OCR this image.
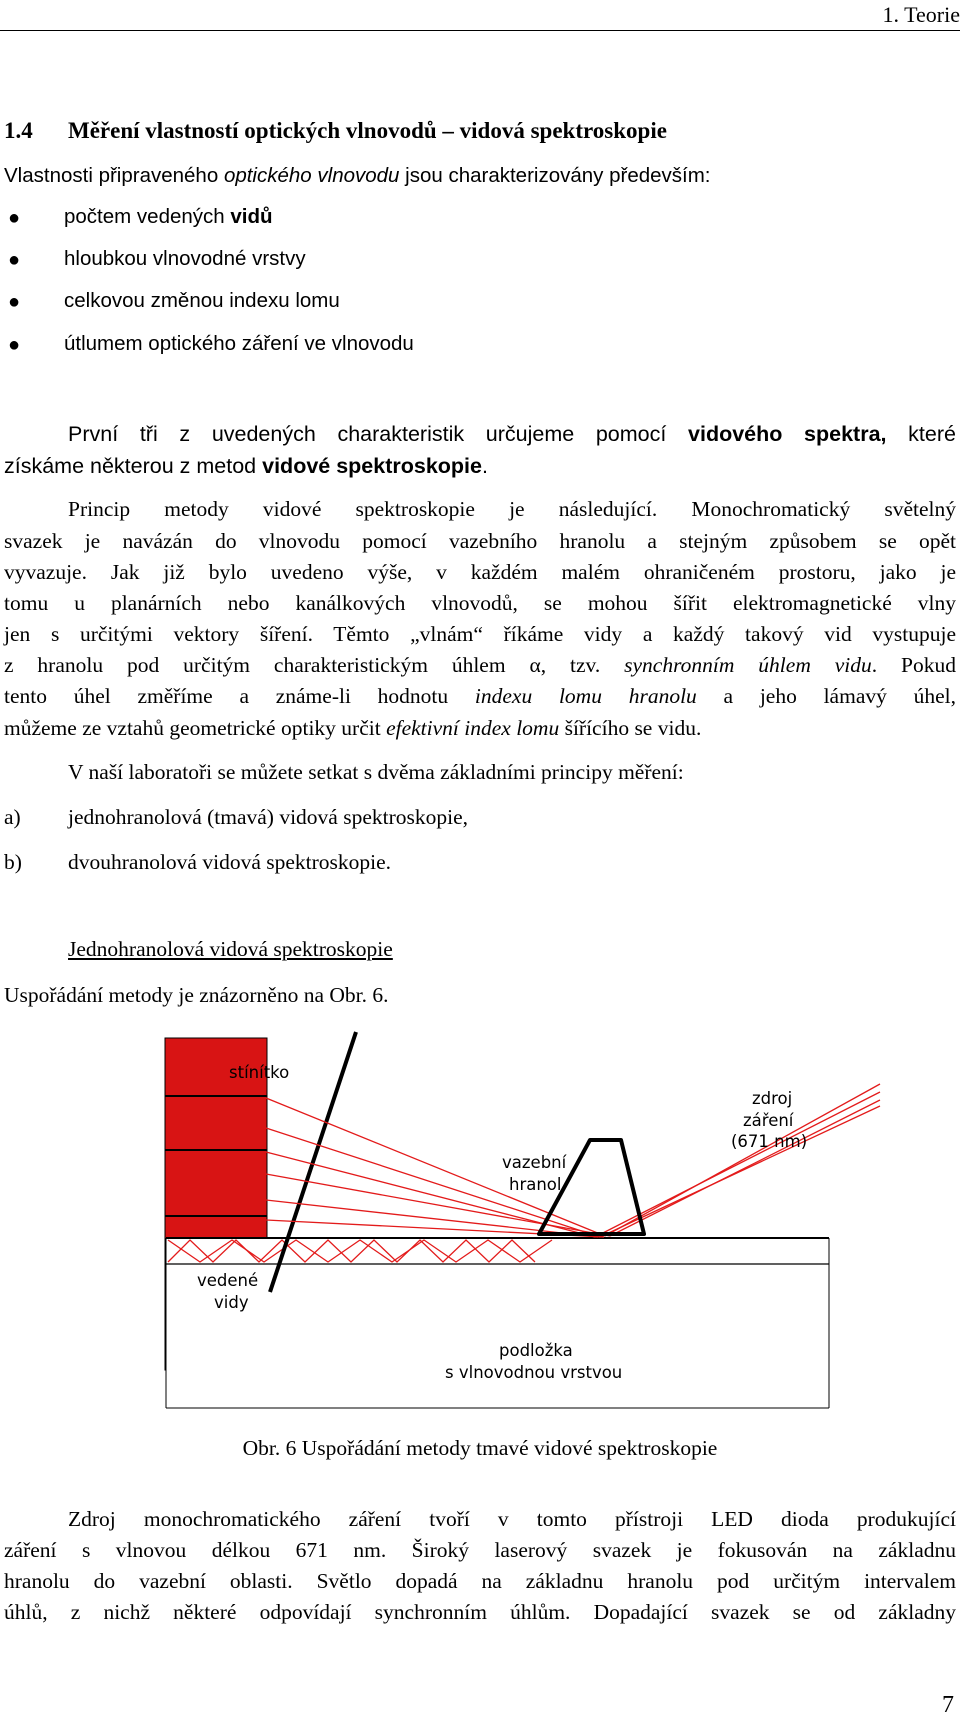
1. Teorie
1.4 Měření vlastností optických vlnovodů – vidová spektroskopie
Vlastnosti připraveného optického vlnovodu jsou charakterizovány především:
● počtem vedených vidů
● hloubkou vlnovodné vrstvy
● celkovou změnou indexu lomu
● útlumem optického záření ve vlnovodu
První tři z uvedených charakteristik určujeme pomocí vidového spektra, které
získáme některou z metod vidové spektroskopie.
Princip metody vidové spektroskopie je následující. Monochromatický světelný
svazek je navázán do vlnovodu pomocí vazebního hranolu a stejným způsobem se opět
vyvazuje. Jak již bylo uvedeno výše, v každém malém ohraničeném prostoru, jako je
tomu u planárních nebo kanálkových vlnovodů, se mohou šířit elektromagnetické vlny
jen s určitými vektory šíření. Těmto „vlnám“ říkáme vidy a každý takový vid vystupuje
z hranolu pod určitým charakteristickým úhlem α, tzv. synchronním úhlem vidu. Pokud
tento úhel změříme a známe-li hodnotu indexu lomu hranolu a jeho lámavý úhel,
můžeme ze vztahů geometrické optiky určit efektivní index lomu šířícího se vidu.
V naší laboratoři se můžete setkat s dvěma základními principy měření:
a) jednohranolová (tmavá) vidová spektroskopie,
b) dvouhranolová vidová spektroskopie.
Jednohranolová vidová spektroskopie
Uspořádání metody je znázorněno na Obr. 6.
stínítko
zdroj
záření
(671 nm)
vazební
hranol
vedené
vidy
podložka
s vlnovodnou vrstvou
Obr. 6 Uspořádání metody tmavé vidové spektroskopie
Zdroj monochromatického záření tvoří v tomto přístroji LED dioda produkující
záření s vlnovou délkou 671 nm. Široký laserový svazek je fokusován na základnu
hranolu do vazební oblasti. Světlo dopadá na základnu hranolu pod určitým intervalem
úhlů, z nichž některé odpovídají synchronním úhlům. Dopadající svazek se od základny
7
